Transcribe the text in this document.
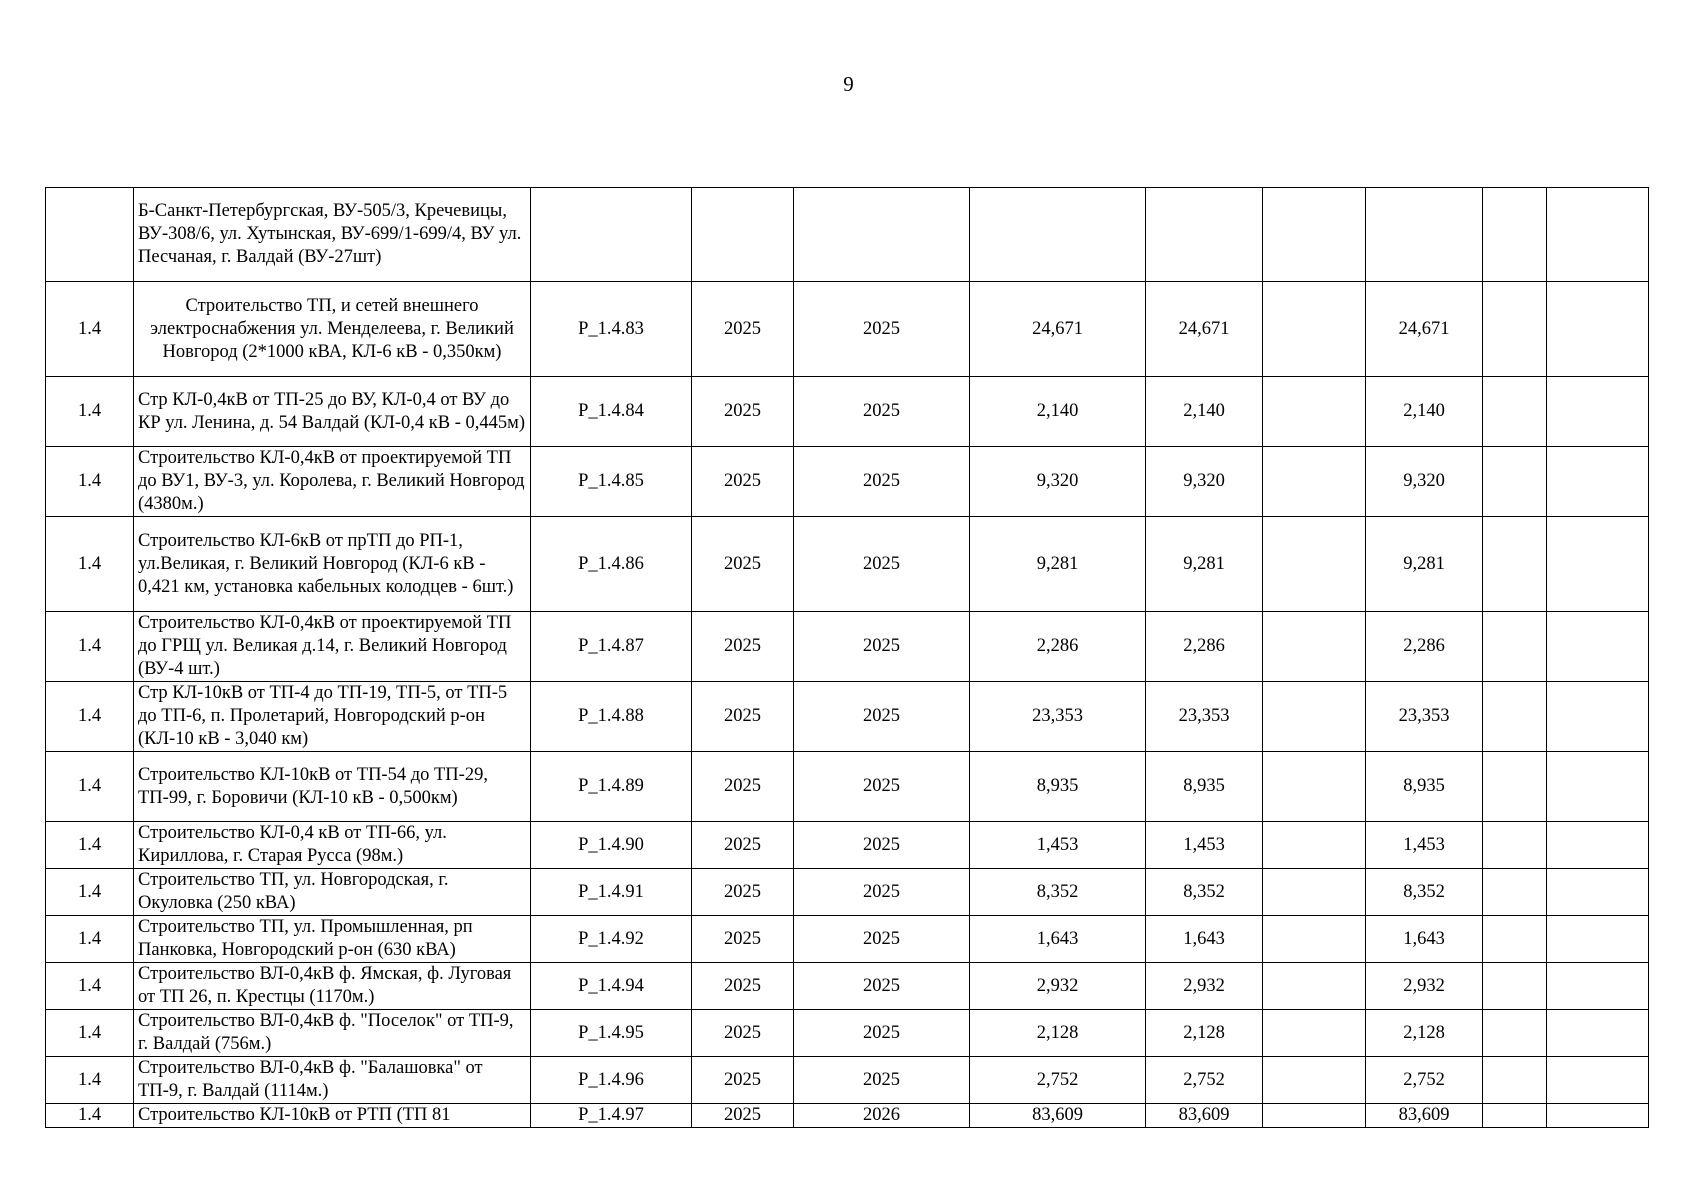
9
	Б-Санкт-Петербургская, ВУ-505/3, Кречевицы, ВУ-308/6, ул. Хутынская, ВУ-699/1-699/4, ВУ ул. Песчаная, г. Валдай (ВУ-27шт)									
1.4	Строительство ТП, и сетей внешнего электроснабжения ул. Менделеева, г. Великий Новгород (2*1000 кВА, КЛ-6 кВ - 0,350км)	P_1.4.83	2025	2025	24,671	24,671		24,671		
1.4	Стр КЛ-0,4кВ от ТП-25 до ВУ, КЛ-0,4 от ВУ до КР ул. Ленина, д. 54 Валдай (КЛ-0,4 кВ - 0,445м)	P_1.4.84	2025	2025	2,140	2,140		2,140		
1.4	Строительство КЛ-0,4кВ от проектируемой ТП до ВУ1, ВУ-3, ул. Королева, г. Великий Новгород (4380м.)	P_1.4.85	2025	2025	9,320	9,320		9,320		
1.4	Строительство КЛ-6кВ от прТП до РП-1, ул.Великая, г. Великий Новгород (КЛ-6 кВ - 0,421 км, установка кабельных колодцев - 6шт.)	P_1.4.86	2025	2025	9,281	9,281		9,281		
1.4	Строительство КЛ-0,4кВ от проектируемой ТП до ГРЩ ул. Великая д.14, г. Великий Новгород (ВУ-4 шт.)	P_1.4.87	2025	2025	2,286	2,286		2,286		
1.4	Стр КЛ-10кВ от ТП-4 до ТП-19, ТП-5, от ТП-5 до ТП-6, п. Пролетарий, Новгородский р-он (КЛ-10 кВ - 3,040 км)	P_1.4.88	2025	2025	23,353	23,353		23,353		
1.4	Строительство КЛ-10кВ от ТП-54 до ТП-29, ТП-99, г. Боровичи (КЛ-10 кВ - 0,500км)	P_1.4.89	2025	2025	8,935	8,935		8,935		
1.4	Строительство КЛ-0,4 кВ от ТП-66, ул. Кириллова, г. Старая Русса (98м.)	P_1.4.90	2025	2025	1,453	1,453		1,453		
1.4	Строительство ТП, ул. Новгородская, г. Окуловка (250 кВА)	P_1.4.91	2025	2025	8,352	8,352		8,352		
1.4	Строительство ТП, ул. Промышленная, рп Панковка, Новгородский р-он (630 кВА)	P_1.4.92	2025	2025	1,643	1,643		1,643		
1.4	Строительство ВЛ-0,4кВ ф. Ямская, ф. Луговая от ТП 26, п. Крестцы (1170м.)	P_1.4.94	2025	2025	2,932	2,932		2,932		
1.4	Строительство ВЛ-0,4кВ ф. "Поселок" от ТП-9, г. Валдай (756м.)	P_1.4.95	2025	2025	2,128	2,128		2,128		
1.4	Строительство ВЛ-0,4кВ ф. "Балашовка" от ТП-9, г. Валдай (1114м.)	P_1.4.96	2025	2025	2,752	2,752		2,752		
1.4	Строительство КЛ-10кВ от РТП (ТП 81	P_1.4.97	2025	2026	83,609	83,609		83,609		
